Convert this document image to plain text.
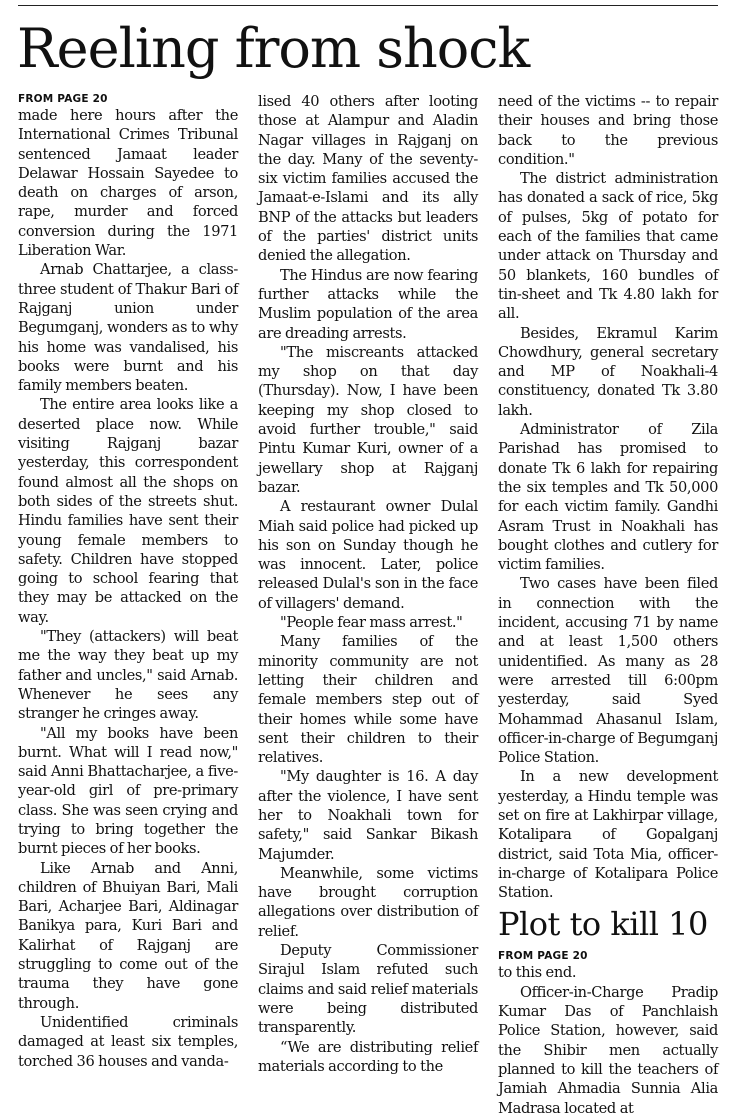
Reeling from shock

FROM PAGE 20

made here hours after the International Crimes Tribunal sentenced Jamaat leader Delawar Hossain Sayedee to death on charges of arson, rape, murder and forced conversion during the 1971 Liberation War.

Arnab Chattarjee, a class-three student of Thakur Bari of Rajganj union under Begumganj, wonders as to why his home was vandalised, his books were burnt and his family members beaten.

The entire area looks like a deserted place now. While visiting Rajganj bazar yesterday, this correspondent found almost all the shops on both sides of the streets shut. Hindu families have sent their young female members to safety. Children have stopped going to school fearing that they may be attacked on the way.

"They (attackers) will beat me the way they beat up my father and uncles," said Arnab. Whenever he sees any stranger he cringes away.

"All my books have been burnt. What will I read now," said Anni Bhattacharjee, a five-year-old girl of pre-primary class. She was seen crying and trying to bring together the burnt pieces of her books.

Like Arnab and Anni, children of Bhuiyan Bari, Mali Bari, Acharjee Bari, Aldinagar Banikya para, Kuri Bari and Kalirhat of Rajganj are struggling to come out of the trauma they have gone through.

Unidentified criminals damaged at least six temples, torched 36 houses and vanda-

lised 40 others after looting those at Alampur and Aladin Nagar villages in Rajganj on the day. Many of the seventy-six victim families accused the Jamaat-e-Islami and its ally BNP of the attacks but leaders of the parties' district units denied the allegation.

The Hindus are now fearing further attacks while the Muslim population of the area are dreading arrests.

"The miscreants attacked my shop on that day (Thursday). Now, I have been keeping my shop closed to avoid further trouble," said Pintu Kumar Kuri, owner of a jewellary shop at Rajganj bazar.

A restaurant owner Dulal Miah said police had picked up his son on Sunday though he was innocent. Later, police released Dulal's son in the face of villagers' demand.

"People fear mass arrest."

Many families of the minority community are not letting their children and female members step out of their homes while some have sent their children to their relatives.

"My daughter is 16. A day after the violence, I have sent her to Noakhali town for safety," said Sankar Bikash Majumder.

Meanwhile, some victims have brought corruption allegations over distribution of relief.

Deputy Commissioner Sirajul Islam refuted such claims and said relief materials were being distributed transparently.

“We are distributing relief materials according to the

need of the victims -- to repair their houses and bring those back to the previous condition."

The district administration has donated a sack of rice, 5kg of pulses, 5kg of potato for each of the families that came under attack on Thursday and 50 blankets, 160 bundles of tin-sheet and Tk 4.80 lakh for all.

Besides, Ekramul Karim Chowdhury, general secretary and MP of Noakhali-4 constituency, donated Tk 3.80 lakh.

Administrator of Zila Parishad has promised to donate Tk 6 lakh for repairing the six temples and Tk 50,000 for each victim family. Gandhi Asram Trust in Noakhali has bought clothes and cutlery for victim families.

Two cases have been filed in connection with the incident, accusing 71 by name and at least 1,500 others unidentified. As many as 28 were arrested till 6:00pm yesterday, said Syed Mohammad Ahasanul Islam, officer-in-charge of Begumganj Police Station.

In a new development yesterday, a Hindu temple was set on fire at Lakhirpar village, Kotalipara of Gopalganj district, said Tota Mia, officer-in-charge of Kotalipara Police Station.

Plot to kill 10

FROM PAGE 20

to this end.

Officer-in-Charge Pradip Kumar Das of Panchlaish Police Station, however, said the Shibir men actually planned to kill the teachers of Jamiah Ahmadia Sunnia Alia Madrasa located at
